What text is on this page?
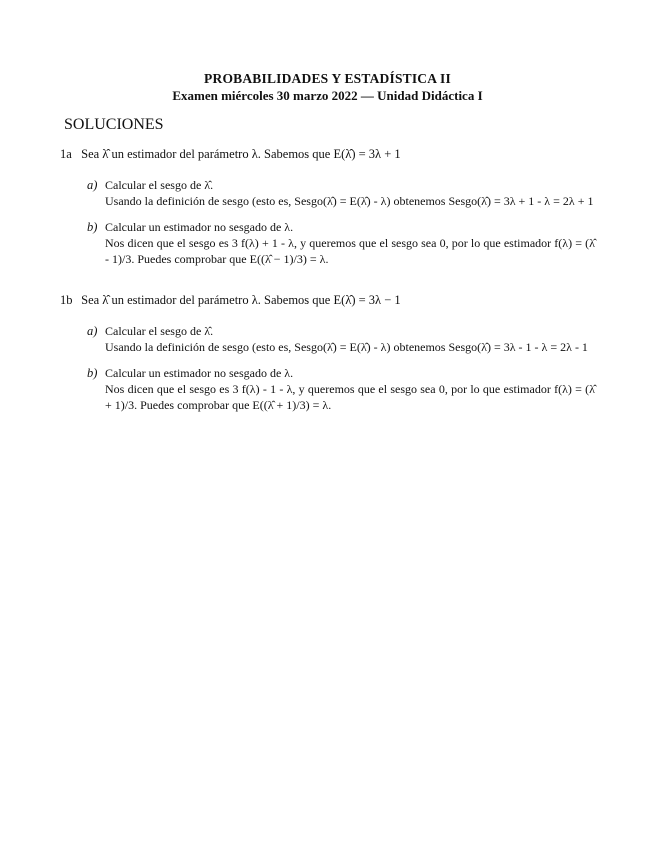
PROBABILIDADES Y ESTADÍSTICA II
Examen miércoles 30 marzo 2022 — Unidad Didáctica I
SOLUCIONES
1a Sea λ̂ un estimador del parámetro λ. Sabemos que E(λ̂) = 3λ + 1
a) Calcular el sesgo de λ̂.
Usando la definición de sesgo (esto es, Sesgo(λ̂) = E(λ̂) - λ) obtenemos Sesgo(λ̂) = 3λ + 1 - λ = 2λ + 1
b) Calcular un estimador no sesgado de λ.
Nos dicen que el sesgo es 3 f(λ) + 1 - λ, y queremos que el sesgo sea 0, por lo que estimador f(λ) = (λ̂ - 1)/3. Puedes comprobar que E((λ̂ − 1)/3) = λ.
1b Sea λ̂ un estimador del parámetro λ. Sabemos que E(λ̂) = 3λ − 1
a) Calcular el sesgo de λ̂.
Usando la definición de sesgo (esto es, Sesgo(λ̂) = E(λ̂) - λ) obtenemos Sesgo(λ̂) = 3λ - 1 - λ = 2λ - 1
b) Calcular un estimador no sesgado de λ.
Nos dicen que el sesgo es 3 f(λ) - 1 - λ, y queremos que el sesgo sea 0, por lo que estimador f(λ) = (λ̂ + 1)/3. Puedes comprobar que E((λ̂ + 1)/3) = λ.
